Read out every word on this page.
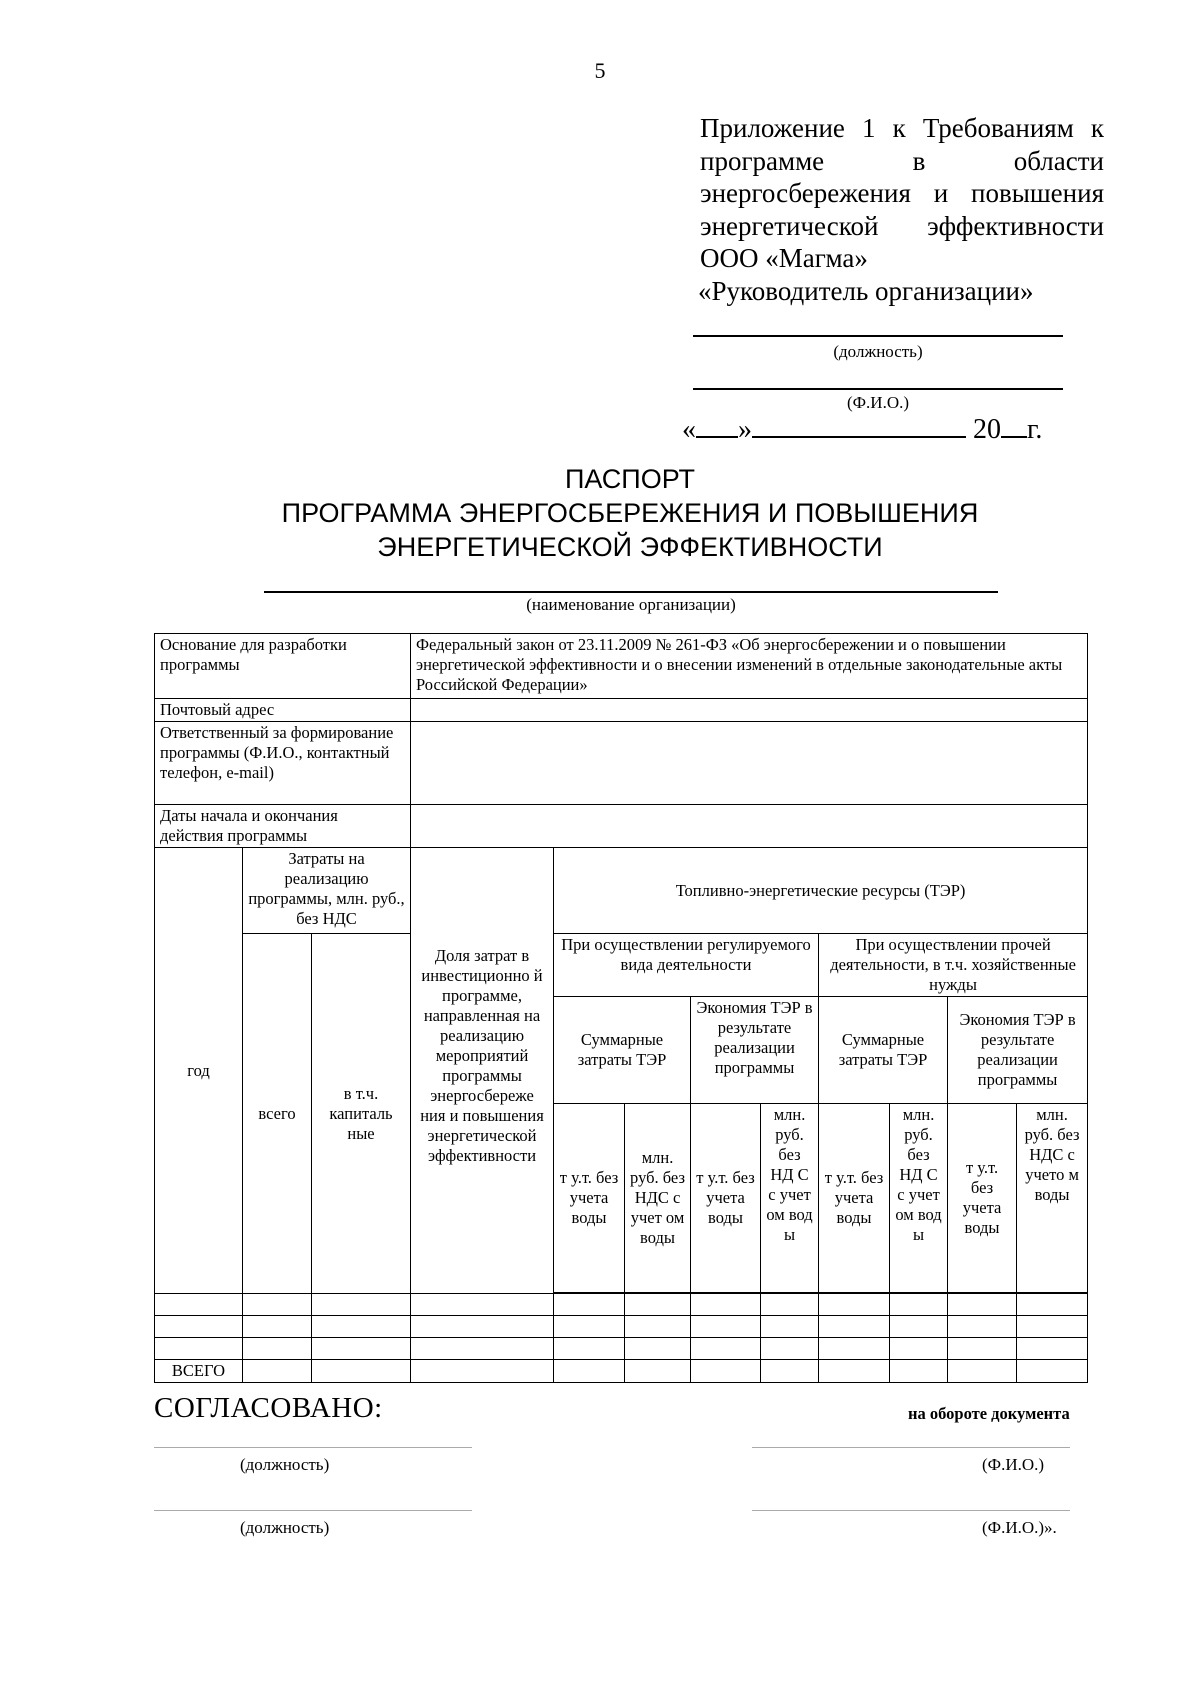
5
Приложение 1 к Требованиям к программе в области энергосбережения и повышения энергетической эффективности ООО «Магма»
«Руководитель организации»
(должность)
(Ф.И.О.)
« »	20 г.
ПАСПОРТ
ПРОГРАММА ЭНЕРГОСБЕРЕЖЕНИЯ И ПОВЫШЕНИЯ
ЭНЕРГЕТИЧЕСКОЙ ЭФФЕКТИВНОСТИ
(наименование организации)
Основание для разработки программы			Федеральный закон от 23.11.2009 № 261-ФЗ «Об энергосбережении и о повышении энергетической эффективности и о внесении изменений в отдельные законодательные акты Российской Федерации»								
Почтовый адрес											
Ответственный за формирование программы (Ф.И.О., контактный телефон, e-mail)											
Даты начала и окончания действия программы											
год	Затраты на реализацию программы, млн. руб., без НДС		Доля затрат в инвестиционно й программе, направленная на реализацию мероприятий программы энергосбереже ния и повышения энергетической эффективности	Топливно-энергетические ресурсы (ТЭР)							
	всего	в т.ч. капиталь ные		При осуществлении регулируемого вида деятельности				При осуществлении прочей деятельности, в т.ч. хозяйственные нужды			
				Суммарные затраты ТЭР		Экономия ТЭР в результате реализации программы		Суммарные затраты ТЭР		Экономия ТЭР в результате реализации программы	
				т у.т. без учета воды	млн. руб. без НДС с учет ом воды	т у.т. без учета воды	млн. руб. без НД С с учет ом вод ы	т у.т. без учета воды	млн. руб. без НД С с учет ом вод ы	т у.т. без учета воды	млн. руб. без НДС с учето м воды

ВСЕГО											
СОГЛАСОВАНО:	на обороте документа
(должность)	(Ф.И.О.)
(должность)	(Ф.И.О.)».
